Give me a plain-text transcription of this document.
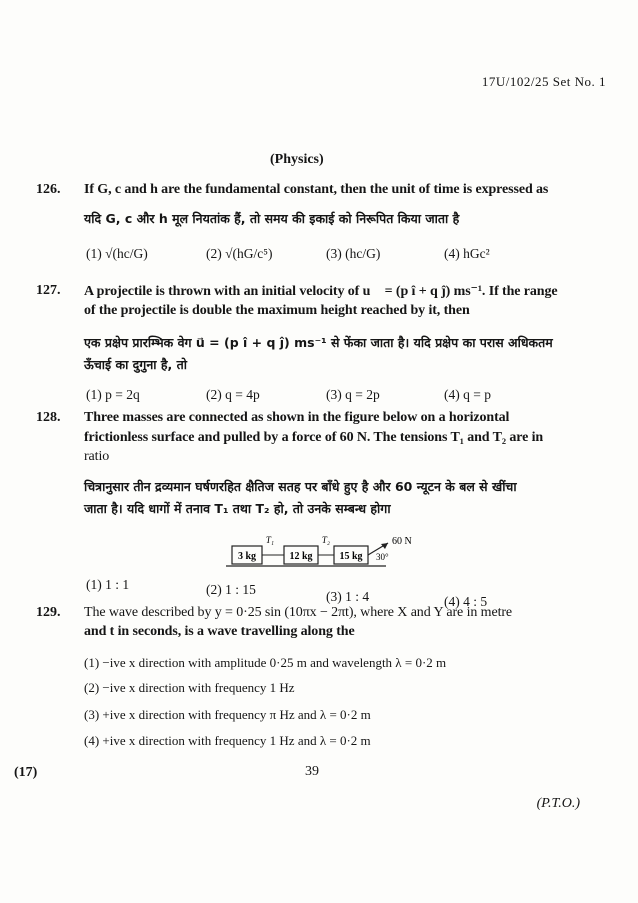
17U/102/25 Set No. 1
(Physics)
126. If G, c and h are the fundamental constant, then the unit of time is expressed as
यदि G, c और h मूल नियतांक हैं, तो समय की इकाई को निरूपित किया जाता है
(1) √(hc/G)	(2) √(hG/c⁵)	(3) (hc/G)	(4) hGc²
127. A projectile is thrown with an initial velocity of u⃗ = (p î + q ĵ) ms⁻¹. If the range
of the projectile is double the maximum height reached by it, then
एक प्रक्षेप प्रारम्भिक वेग u⃗ = (p î + q ĵ) ms⁻¹ से फेंका जाता है। यदि प्रक्षेप का परास अधिकतम
ऊँचाई का दुगुना है, तो
(1) p = 2q	(2) q = 4p	(3) q = 2p	(4) q = p
128. Three masses are connected as shown in the figure below on a horizontal
frictionless surface and pulled by a force of 60 N. The tensions T₁ and T₂ are in
ratio
चित्रानुसार तीन द्रव्यमान घर्षणरहित क्षैतिज सतह पर बाँधे हुए है और 60 न्यूटन के बल से खींचा
जाता है। यदि धागों में तनाव T₁ तथा T₂ हो, तो उनके सम्बन्ध होगा
3 kg
T₁
12 kg
T₂
15 kg
60 N
30°
(1) 1 : 1	(2) 1 : 15	(3) 1 : 4	(4) 4 : 5
129. The wave described by y = 0·25 sin (10πx − 2πt), where X and Y are in metre
and t in seconds, is a wave travelling along the
(1) −ive x direction with amplitude 0·25 m and wavelength λ = 0·2 m
(2) −ive x direction with frequency 1 Hz
(3) +ive x direction with frequency π Hz and λ = 0·2 m
(4) +ive x direction with frequency 1 Hz and λ = 0·2 m
(17)	39
(P.T.O.)
